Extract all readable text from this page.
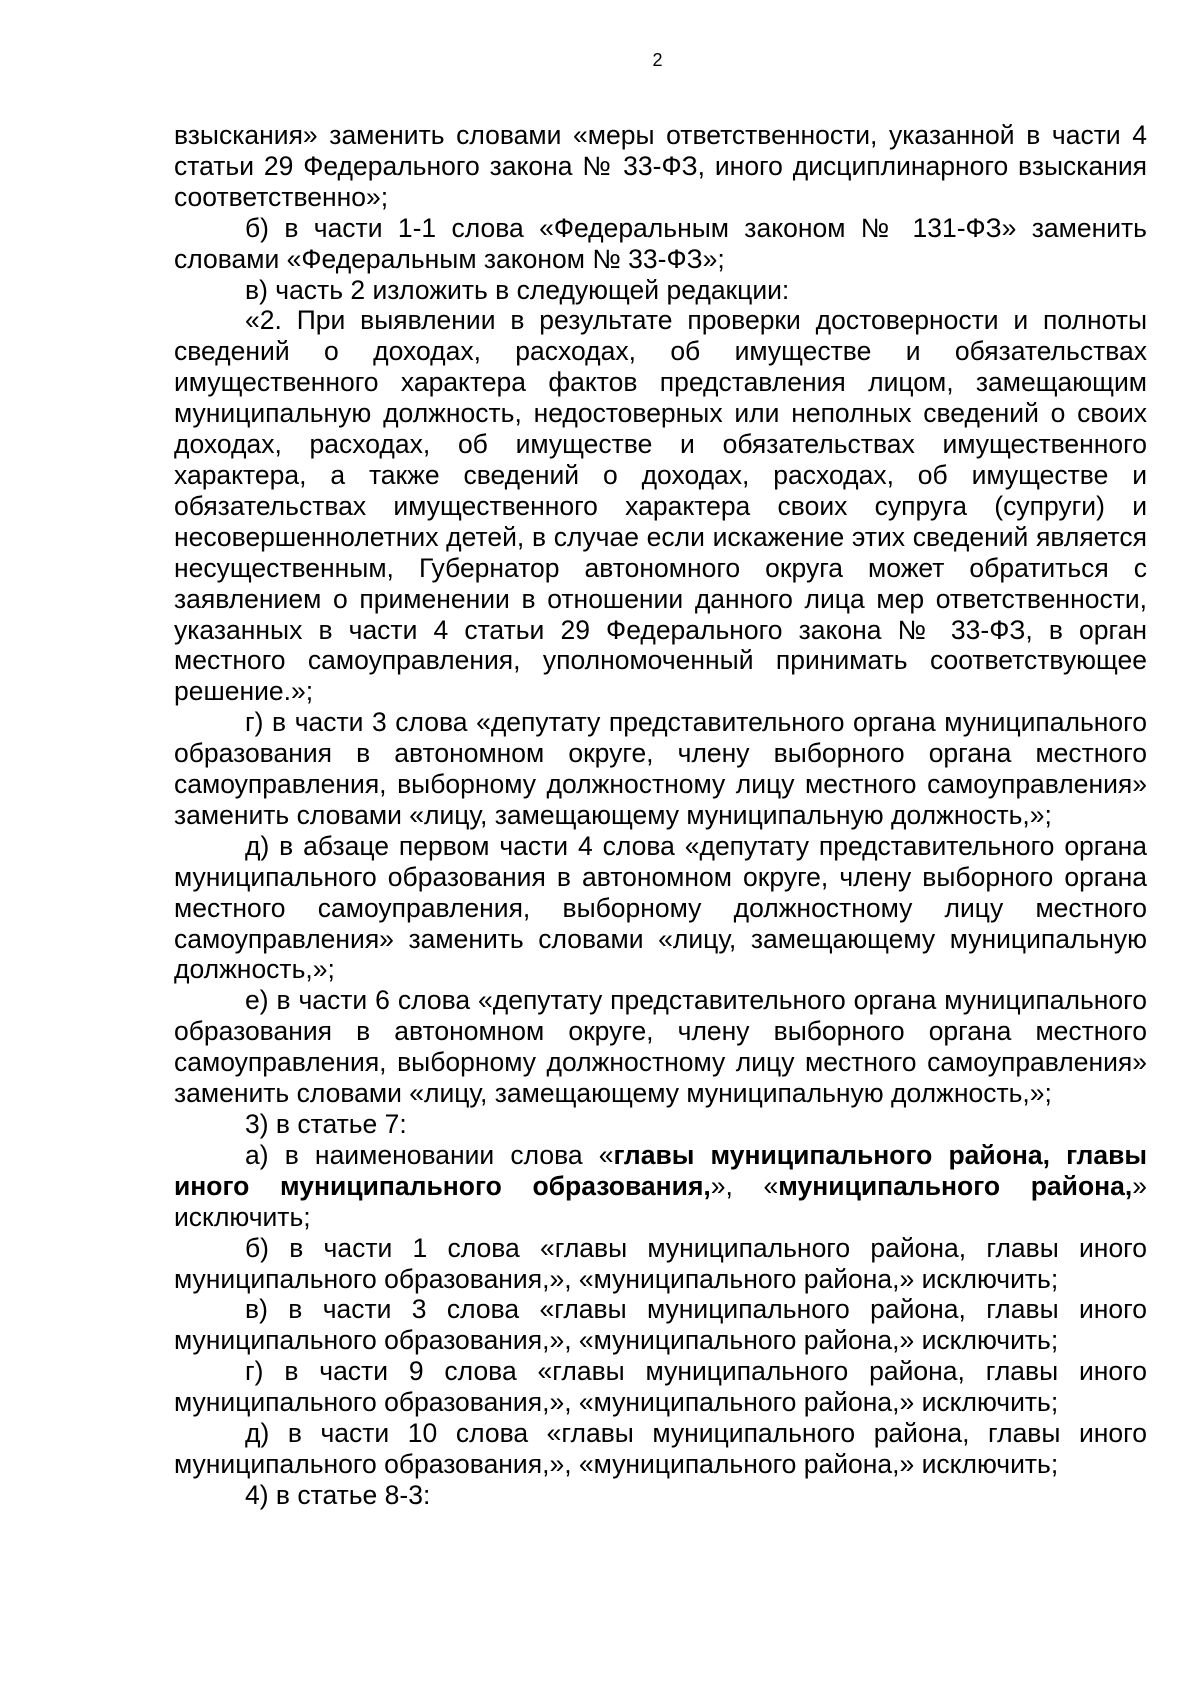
2

взыскания» заменить словами «меры ответственности, указанной в части 4 статьи 29 Федерального закона № 33-ФЗ, иного дисциплинарного взыскания соответственно»;

б) в части 1-1 слова «Федеральным законом № 131-ФЗ» заменить словами «Федеральным законом № 33-ФЗ»;

в) часть 2 изложить в следующей редакции:

«2. При выявлении в результате проверки достоверности и полноты сведений о доходах, расходах, об имуществе и обязательствах имущественного характера фактов представления лицом, замещающим муниципальную должность, недостоверных или неполных сведений о своих доходах, расходах, об имуществе и обязательствах имущественного характера, а также сведений о доходах, расходах, об имуществе и обязательствах имущественного характера своих супруга (супруги) и несовершеннолетних детей, в случае если искажение этих сведений является несущественным, Губернатор автономного округа может обратиться с заявлением о применении в отношении данного лица мер ответственности, указанных в части 4 статьи 29 Федерального закона № 33-ФЗ, в орган местного самоуправления, уполномоченный принимать соответствующее решение.»;

г) в части 3 слова «депутату представительного органа муниципального образования в автономном округе, члену выборного органа местного самоуправления, выборному должностному лицу местного самоуправления» заменить словами «лицу, замещающему муниципальную должность,»;

д) в абзаце первом части 4 слова «депутату представительного органа муниципального образования в автономном округе, члену выборного органа местного самоуправления, выборному должностному лицу местного самоуправления» заменить словами «лицу, замещающему муниципальную должность,»;

е) в части 6 слова «депутату представительного органа муниципального образования в автономном округе, члену выборного органа местного самоуправления, выборному должностному лицу местного самоуправления» заменить словами «лицу, замещающему муниципальную должность,»;

3) в статье 7:

а) в наименовании слова «главы муниципального района, главы иного муниципального образования,», «муниципального района,» исключить;

б) в части 1 слова «главы муниципального района, главы иного муниципального образования,», «муниципального района,» исключить;

в) в части 3 слова «главы муниципального района, главы иного муниципального образования,», «муниципального района,» исключить;

г) в части 9 слова «главы муниципального района, главы иного муниципального образования,», «муниципального района,» исключить;

д) в части 10 слова «главы муниципального района, главы иного муниципального образования,», «муниципального района,» исключить;

4) в статье 8-3:
